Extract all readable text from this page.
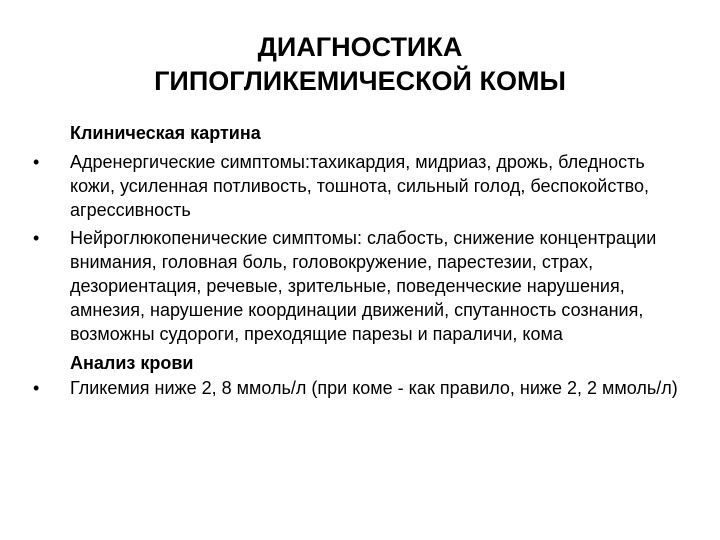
ДИАГНОСТИКА
ГИПОГЛИКЕМИЧЕСКОЙ КОМЫ
Клиническая картина
• Адренергические симптомы:тахикардия, мидриаз, дрожь, бледность кожи, усиленная потливость, тошнота, сильный голод, беспокойство, агрессивность
• Нейроглюкопенические симптомы: слабость, снижение концентрации внимания, головная боль, головокружение, парестезии, страх, дезориентация, речевые, зрительные, поведенческие нарушения, амнезия, нарушение координации движений, спутанность сознания, возможны судороги, преходящие парезы и параличи, кома
Анализ крови
• Гликемия ниже 2, 8 ммоль/л (при коме - как правило, ниже 2, 2 ммоль/л)
